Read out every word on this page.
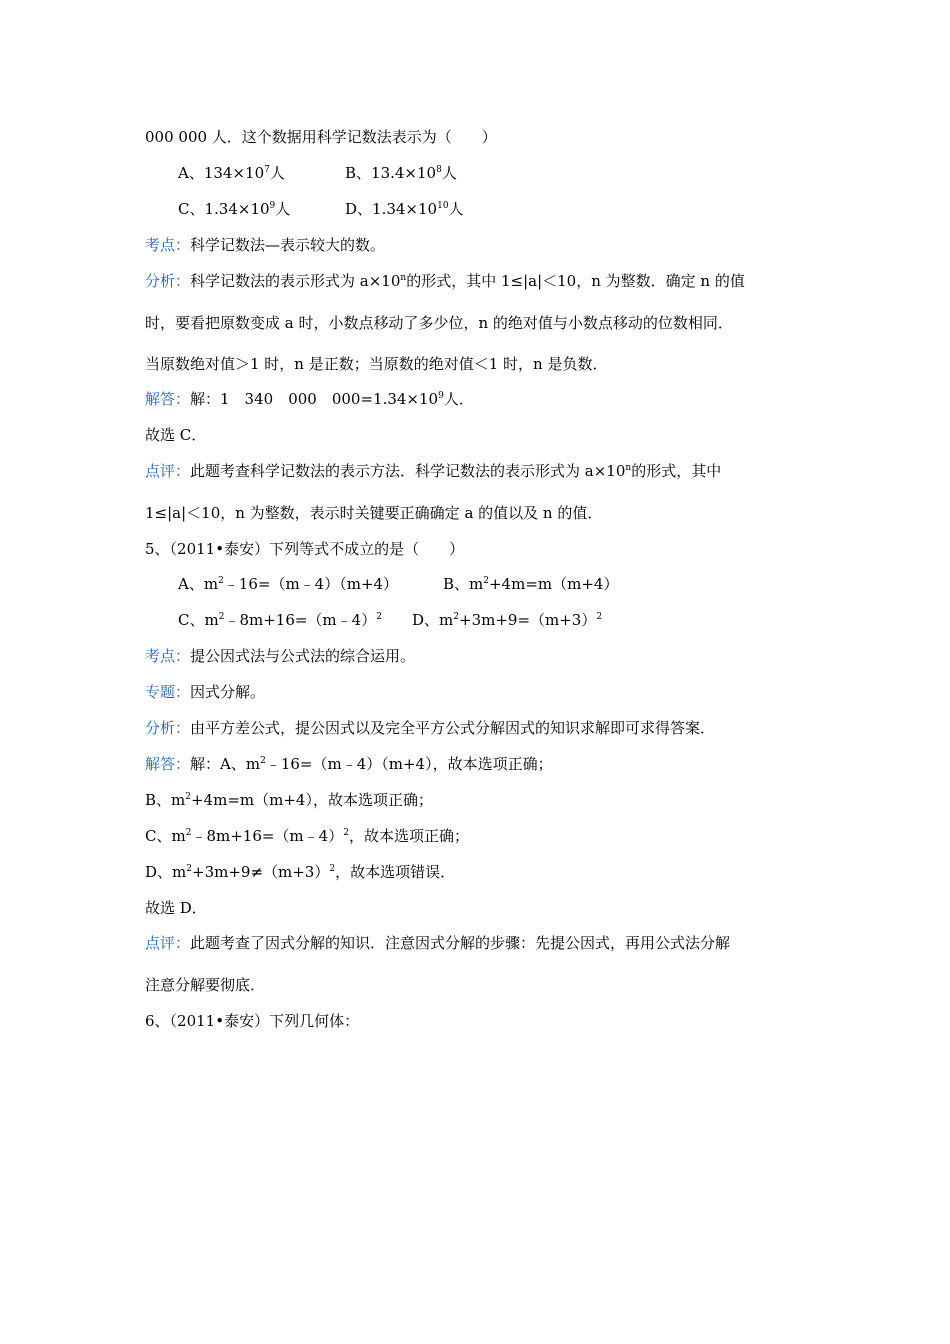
000 000 人．这个数据用科学记数法表示为（　　）
A、$134\times 10^7$人	B、$13.4\times 10^8$人
C、$1.34\times 10^9$人	D、$1.34\times 10^{10}$人
考点：科学记数法—表示较大的数。
分析：科学记数法的表示形式为 $a\times 10^n$的形式，其中 1≤|a|＜10，n 为整数．确定 n 的值
时，要看把原数变成 a 时，小数点移动了多少位，n 的绝对值与小数点移动的位数相同．
当原数绝对值＞1 时，n 是正数；当原数的绝对值＜1 时，n 是负数．
解答：解：1　340　000　$000=1.34\times 10^9$人．
故选 C．
点评：此题考查科学记数法的表示方法．科学记数法的表示形式为 $a\times 10^n$的形式，其中
1≤|a|＜10，n 为整数，表示时关键要正确确定 a 的值以及 n 的值．
5、（2011•泰安）下列等式不成立的是（　　）
A、$m^2﹣16=(m﹣4)(m+4)$	B、$m^2+4m=m(m+4)$
C、$m^2﹣8m+16=(m﹣4)^2$ D、$m^2+3m+9=(m+3)^2$
考点：提公因式法与公式法的综合运用。
专题：因式分解。
分析：由平方差公式，提公因式以及完全平方公式分解因式的知识求解即可求得答案．
解答：解：A、$m^2﹣16=(m﹣4)(m+4)$，故本选项正确；
B、$m^2+4m=m(m+4)$，故本选项正确；
C、$m^2﹣8m+16=(m﹣4)^2$，故本选项正确；
D、$m^2+3m+9\ne(m+3)^2$，故本选项错误．
故选 D．
点评：此题考查了因式分解的知识．注意因式分解的步骤：先提公因式，再用公式法分解
注意分解要彻底．
6、（2011•泰安）下列几何体：
